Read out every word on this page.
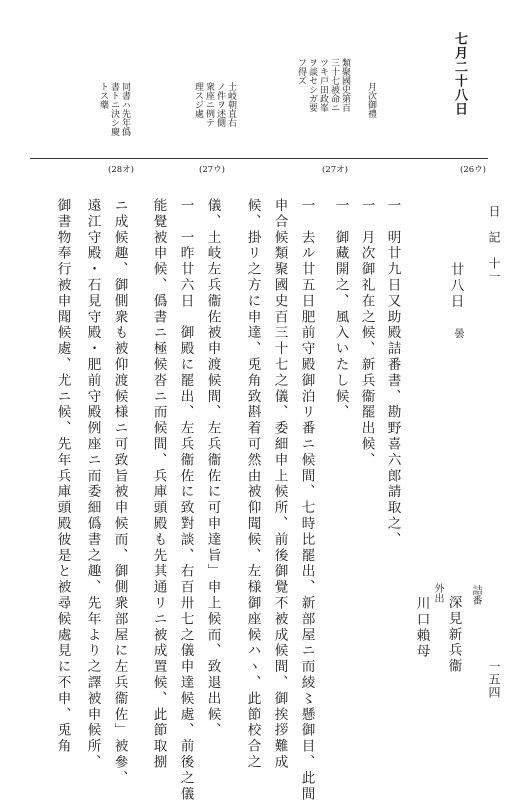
七月二十八日
類聚國史第百
三十七被命ニ
ツキ戸田政峯
ヲ談セシガ要
フ得ズ
月次御禮
土岐朝直右
ノ件ヲ述側
衆座ニ例テ
理スジ處
同書ハ先年僞
書トニ決シ慶
トス藥
(26ウ)
(27オ)
(27ウ)
(28オ)
日　記　十一
一五四
廿八日
曇
詰番
深見新兵衞
外出
川口賴母
一　明廿九日又助殿詰番書、勘野喜六郎請取之、
一　月次御礼在之候、新兵衞罷出候、
一　御藏開之、風入いたし候、
一　去ル廿五日肥前守殿御泊リ番ニ候間、七時比罷出、新部屋ニ而綾〻懸御目、此間
申合候類聚國史百三十七之儀、委細申上候所、前後御覺不被成候間、御挨拶難成
候、掛リ之方に申達、兎角致斟着可然由被仰聞候、左様御座候ハヽ、此節校合之
儀、土岐左兵衞佐被申渡候間、左兵衞佐に可申達旨」申上候而、致退出候、
一　一昨廿六日　御殿に罷出、左兵衞佐に致對談、右百卅七之儀申達候處、前後之儀
能覺被申候、僞書ニ極候沓ニ而候間、兵庫頭殿も先其通リニ被成置候、此節取捌
ニ成候趣、御側衆も被仰渡候様ニ可致旨被申候而、御側衆部屋に左兵衞佐」被參、
遠江守殿・石見守殿・肥前守殿例座ニ而委細僞書之趣、先年より之譯被申候所、
御書物奉行被申聞候處、尤ニ候、先年兵庫頭殿彼是と被尋候處見に不申、兎角
